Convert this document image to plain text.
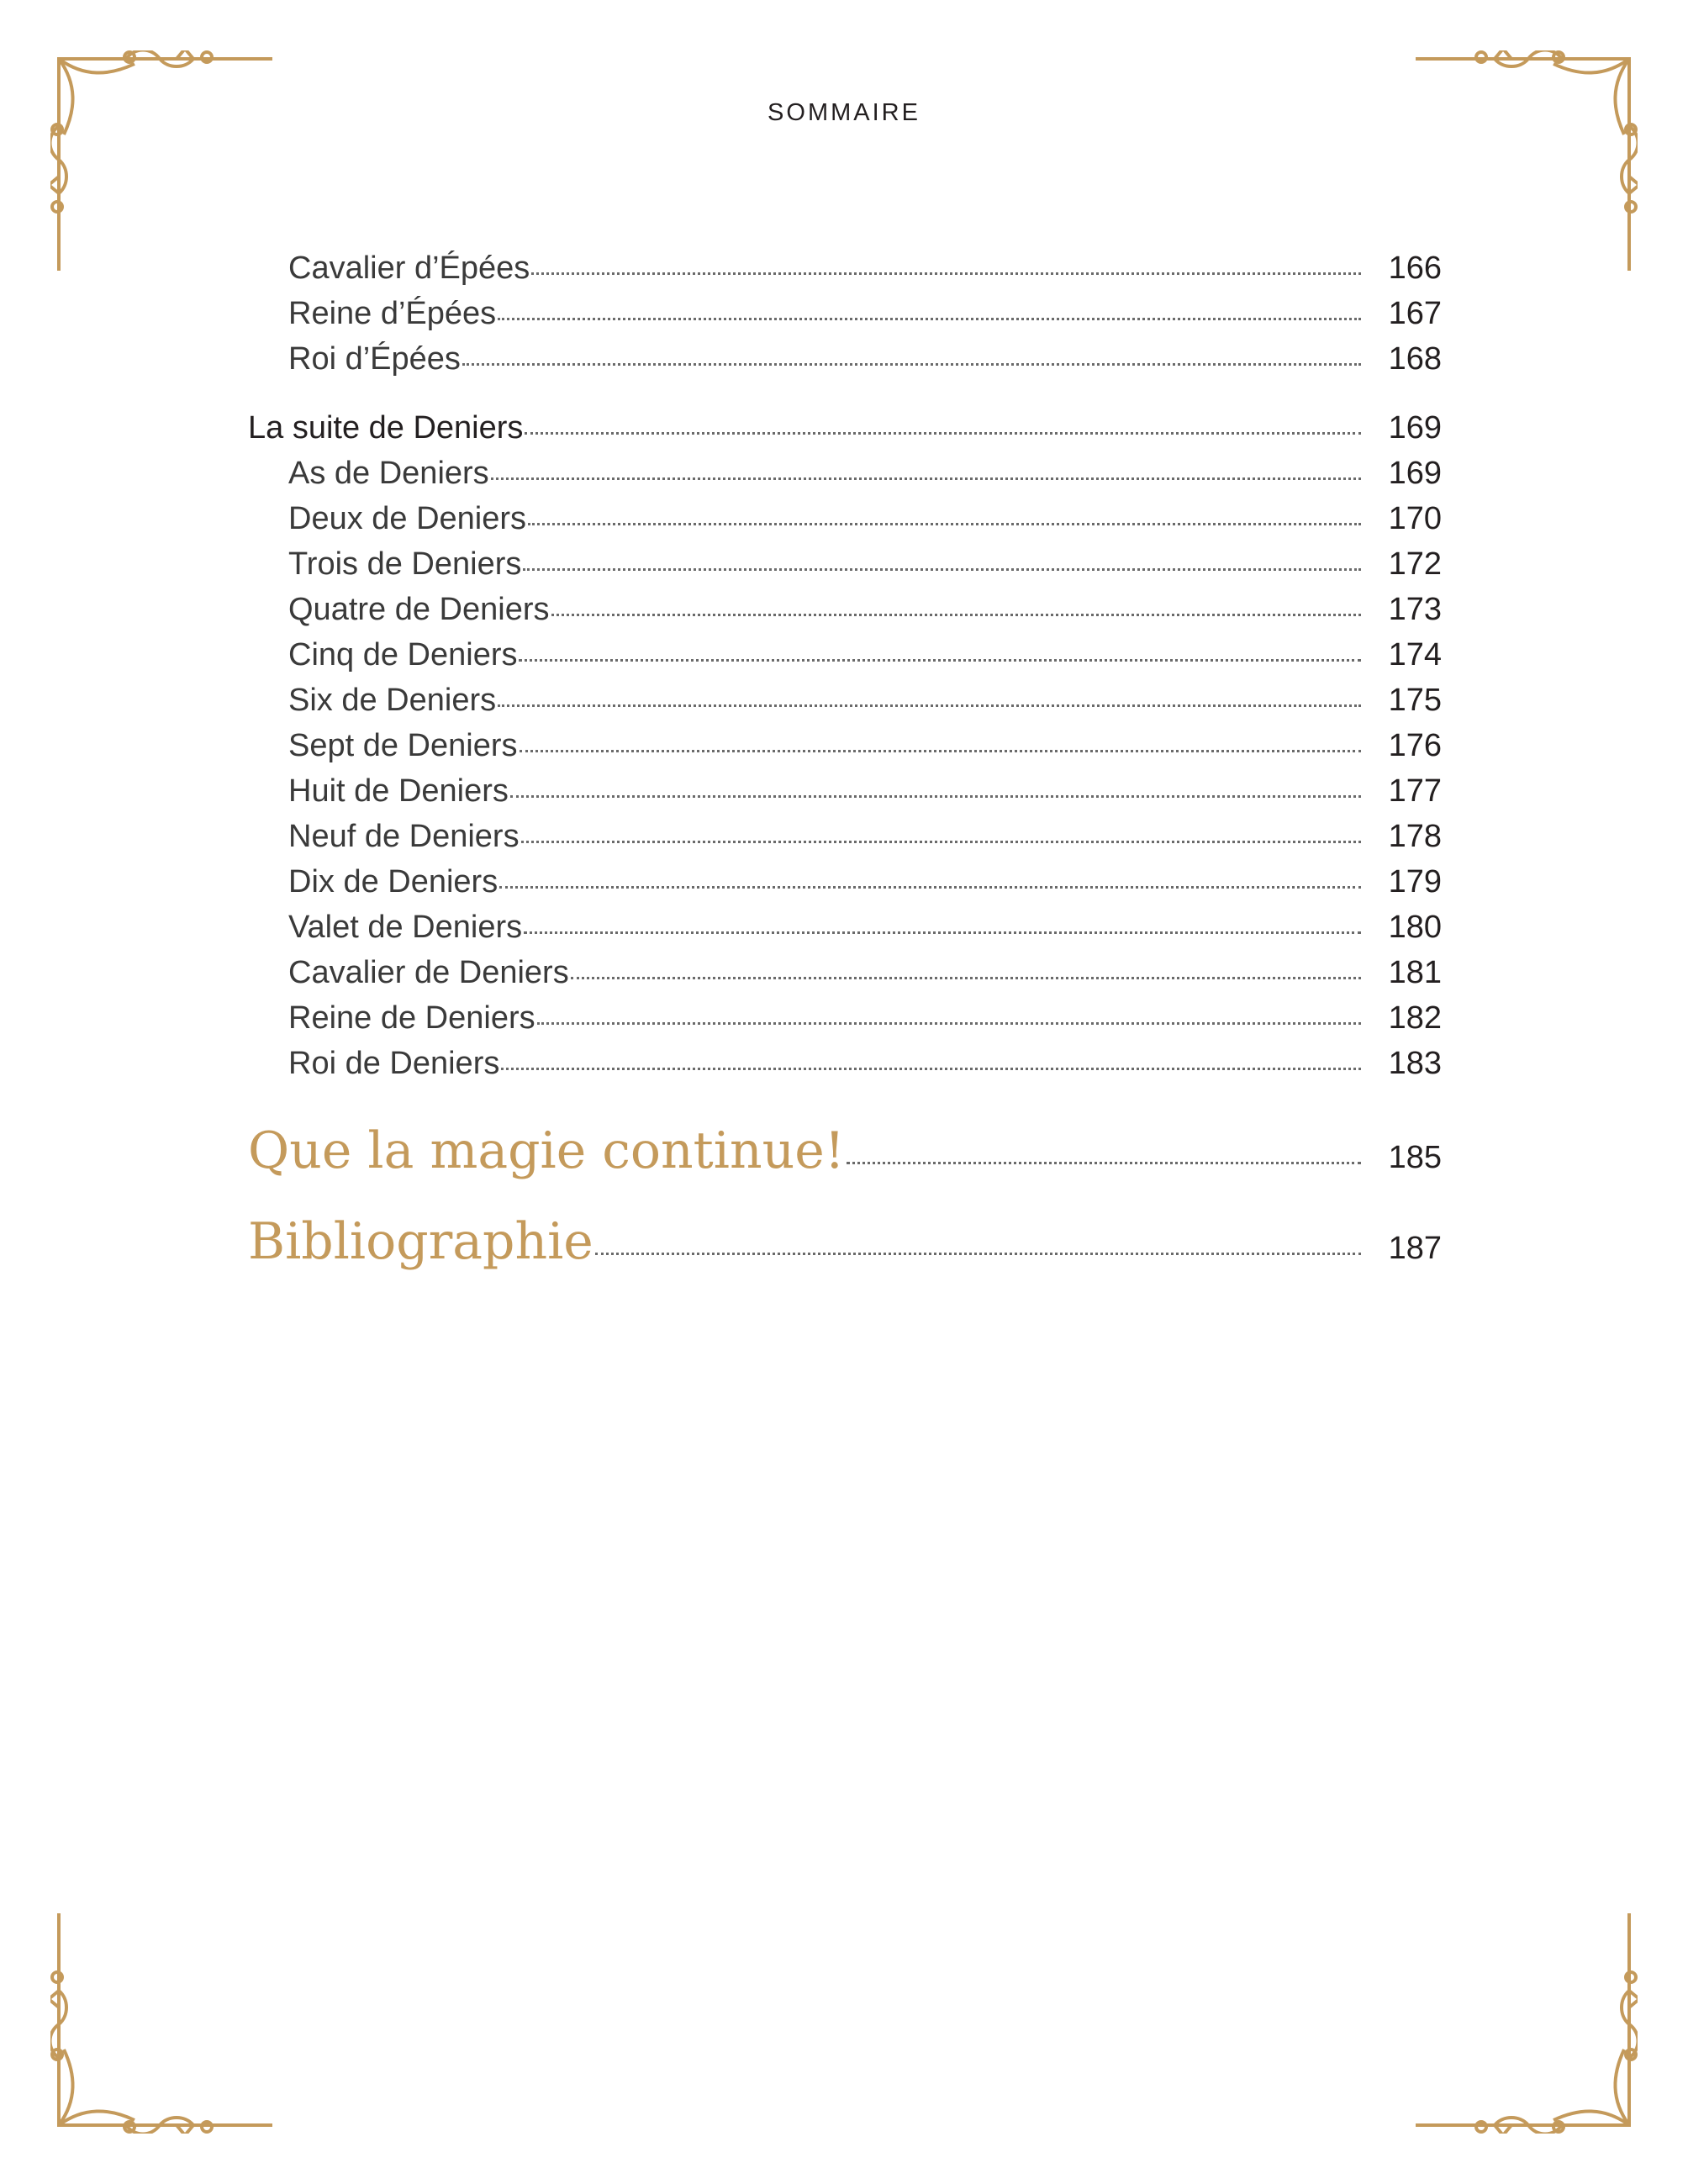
SOMMAIRE
Cavalier d’Épées	166
Reine d’Épées	167
Roi d’Épées	168
La suite de Deniers	169
As de Deniers	169
Deux de Deniers	170
Trois de Deniers	172
Quatre de Deniers	173
Cinq de Deniers	174
Six de Deniers	175
Sept de Deniers	176
Huit de Deniers	177
Neuf de Deniers	178
Dix de Deniers	179
Valet de Deniers	180
Cavalier de Deniers	181
Reine de Deniers	182
Roi de Deniers	183
Que la magie continue!	185
Bibliographie	187
